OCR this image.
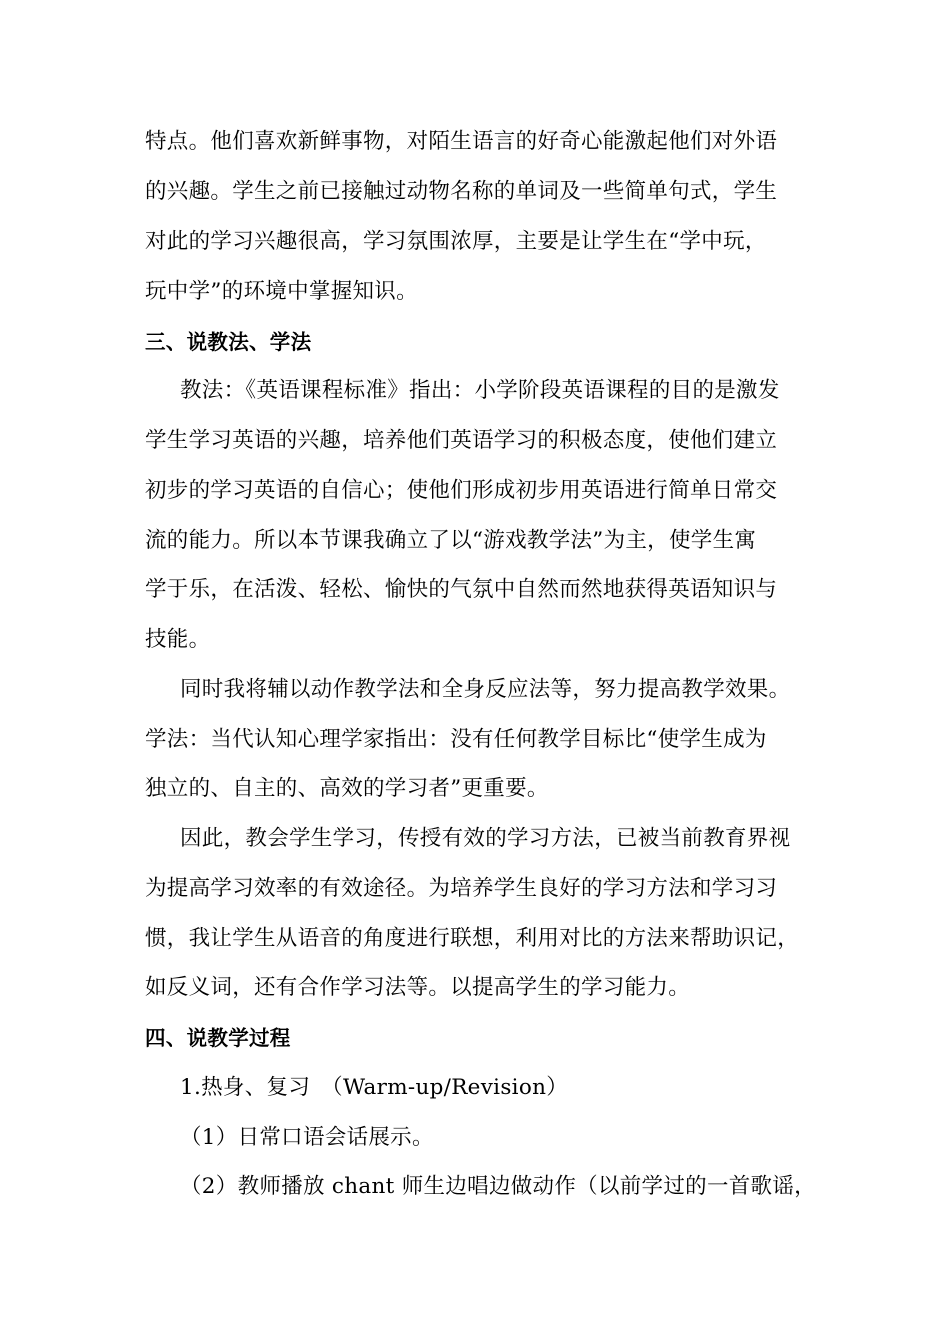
特点。他们喜欢新鲜事物，对陌生语言的好奇心能激起他们对外语
的兴趣。学生之前已接触过动物名称的单词及一些简单句式，学生
对此的学习兴趣很高，学习氛围浓厚，主要是让学生在“学中玩，
玩中学”的环境中掌握知识。
三、说教法、学法
教法：《英语课程标准》指出：小学阶段英语课程的目的是激发
学生学习英语的兴趣，培养他们英语学习的积极态度，使他们建立
初步的学习英语的自信心；使他们形成初步用英语进行简单日常交
流的能力。所以本节课我确立了以“游戏教学法”为主，使学生寓
学于乐，在活泼、轻松、愉快的气氛中自然而然地获得英语知识与
技能。
同时我将辅以动作教学法和全身反应法等，努力提高教学效果。
学法：当代认知心理学家指出：没有任何教学目标比“使学生成为
独立的、自主的、高效的学习者”更重要。
因此，教会学生学习，传授有效的学习方法，已被当前教育界视
为提高学习效率的有效途径。为培养学生良好的学习方法和学习习
惯，我让学生从语音的角度进行联想，利用对比的方法来帮助识记，
如反义词，还有合作学习法等。以提高学生的学习能力。
四、说教学过程
1.热身、复习　（Warm-up/Revision）
（1）日常口语会话展示。
（2）教师播放 chant 师生边唱边做动作（以前学过的一首歌谣，
